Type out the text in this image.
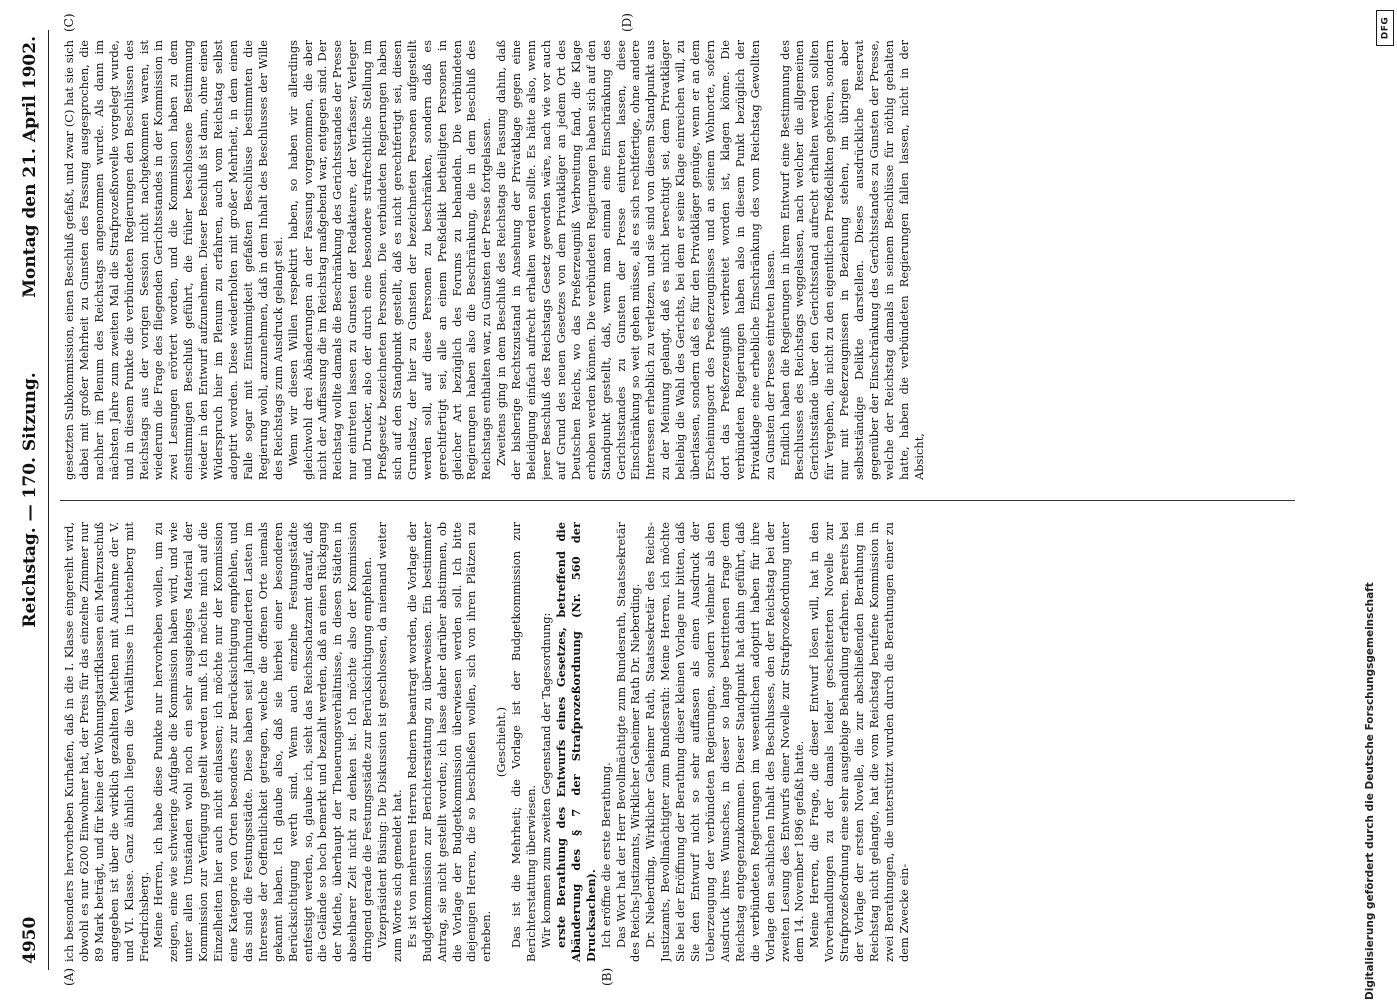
4950
Reichstag. — 170. Sitzung.
Montag den 21. April 1902.
(A)	(B)
(C)	(D)

ich besonders hervorheben Kurhafen, daß in die I. Klasse eingereiht wird, obwohl es nur 6200 Einwohner hat, der Preis für das einzelne Zimmer nur 89 Mark beträgt, und für keine der Wohnungstarifklassen ein Mehrzuschuß angegeben ist über die wirklich gezahlten Miethen mit Ausnahme der V. und VI. Klasse. Ganz ähnlich liegen die Verhältnisse in Lichtenberg mit Friedrichsberg. Meine Herren, ich habe diese Punkte nur hervorheben wollen, um zu zeigen, eine wie schwierige Aufgabe die Kommission haben wird, und wie unter allen Umständen wohl noch ein sehr ausgiebiges Material der Kommission zur Verfügung gestellt werden muß. Ich möchte mich auf die Einzelheiten hier auch nicht einlassen; ich möchte nur der Kommission eine Kategorie von Orten besonders zur Berücksichtigung empfehlen, und das sind die Festungsstädte. Diese haben seit Jahrhunderten Lasten im Interesse der Oeffentlichkeit getragen, welche die offenen Orte niemals gekannt haben. Ich glaube also, daß sie hierbei einer besonderen Berücksichtigung werth sind. Wenn auch einzelne Festungsstädte entfestigt werden, so, glaube ich, sieht das Reichsschatzamt darauf, daß die Gelände so hoch bemerkt und bezahlt werden, daß an einen Rückgang der Miethe, überhaupt der Theuerungsverhältnisse, in diesen Städten in absehbarer Zeit nicht zu denken ist. Ich möchte also der Kommission dringend gerade die Festungsstädte zur Berücksichtigung empfehlen. Vizepräsident Büsing: Die Diskussion ist geschlossen, da niemand weiter zum Worte sich gemeldet hat. Es ist von mehreren Herren Rednern beantragt worden, die Vorlage der Budgetkommission zur Berichterstattung zu überweisen. Ein bestimmter Antrag, sie nicht gestellt worden; ich lasse daher darüber abstimmen, ob die Vorlage der Budgetkommission überwiesen werden soll. Ich bitte diejenigen Herren, die so beschließen wollen, sich von ihren Plätzen zu erheben.

(Geschieht.) Das ist die Mehrheit; die Vorlage ist der Budgetkommission zur Berichterstattung überwiesen. Wir kommen zum zweiten Gegenstand der Tagesordnung: erste Berathung des Entwurfs eines Gesetzes, betreffend die Abänderung des § 7 der Strafprozeßordnung (Nr. 560 der Drucksachen). Ich eröffne die erste Berathung. Das Wort hat der Herr Bevollmächtigte zum Bundesrath, Staatssekretär des Reichs-Justizamts, Wirklicher Geheimer Rath Dr. Nieberding. Dr. Nieberding, Wirklicher Geheimer Rath, Staatssekretär des Reichs-Justizamts, Bevollmächtigter zum Bundesrath: Meine Herren, ich möchte Sie bei der Eröffnung der Berathung dieser kleinen Vorlage nur bitten, daß Sie den Entwurf nicht so sehr auffassen als einen Ausdruck der Ueberzeugung der verbündeten Regierungen, sondern vielmehr als den Ausdruck ihres Wunsches, in dieser so lange bestrittenen Frage dem Reichstag entgegenzukommen. Dieser Standpunkt hat dahin geführt, daß die verbündeten Regierungen im wesentlichen adoptirt haben für ihre Vorlage den sachlichen Inhalt des Beschlusses, den der Reichstag bei der zweiten Lesung des Entwurfs einer Novelle zur Strafprozeßordnung unter dem 14. November 1896 gefaßt hatte. Meine Herren, die Frage, die dieser Entwurf lösen will, hat in den Vorverhandlungen zu der damals leider gescheiterten Novelle zur Strafprozeßordnung eine sehr ausgiebige Behandlung erfahren. Bereits bei der Vorlage der ersten Novelle, die zur abschließenden Berathung im Reichstag nicht gelangte, hat die vom Reichstag berufene Kommission in zwei Berathungen, die unterstützt wurden durch die Berathungen einer zu dem Zwecke ein-

gesetzten Subkommission, einen Beschluß gefaßt, und zwar (C) hat sie sich dabei mit großer Mehrheit zu Gunsten des Fassung ausgesprochen, die nachher im Plenum des Reichstags angenommen wurde. Als dann im nächsten Jahre zum zweiten Mal die Strafprozeßnovelle vorgelegt wurde, und in diesem Punkte die verbündeten Regierungen den Beschlüssen des Reichstags aus der vorigen Session nicht nachgekommen waren, ist wiederum die Frage des fliegenden Gerichtsstandes in der Kommission in zwei Lesungen erörtert worden, und die Kommission haben zu dem einstimmigen Beschluß geführt, die früher beschlossene Bestimmung wieder in den Entwurf aufzunehmen. Dieser Beschluß ist dann, ohne einen Widerspruch hier im Plenum zu erfahren, auch vom Reichstag selbst adoptirt worden. Diese wiederholten mit großer Mehrheit, in dem einen Falle sogar mit Einstimmigkeit gefaßten Beschlüsse bestimmten die Regierung wohl, anzunehmen, daß in dem Inhalt des Beschlusses der Wille des Reichstags zum Ausdruck gelangt sei. Wenn wir diesen Willen respektirt haben, so haben wir allerdings gleichwohl drei Abänderungen an der Fassung vorgenommen, die aber nicht der Auffassung die im Reichstag maßgebend war, entgegen sind. Der Reichstag wollte damals die Beschränkung des Gerichtsstandes der Presse nur eintreten lassen zu Gunsten der Redakteure, der Verfasser, Verleger und Drucker, also der durch eine besondere strafrechtliche Stellung im Preßgesetz bezeichneten Personen. Die verbündeten Regierungen haben sich auf den Standpunkt gestellt, daß es nicht gerechtfertigt sei, diesen Grundsatz, der hier zu Gunsten der bezeichneten Personen aufgestellt werden soll, auf diese Personen zu beschränken, sondern daß es gerechtfertigt sei, alle an einem Preßdelikt betheiligten Personen in gleicher Art bezüglich des Forums zu behandeln. Die verbündeten Regierungen haben also die Beschränkung, die in dem Beschluß des Reichstags enthalten war, zu Gunsten der Presse fortgelassen. Zweitens ging in dem Beschluß des Reichstags die Fassung dahin, daß der bisherige Rechtszustand in Ansehung der Privatklage gegen eine Beleidigung einfach aufrecht erhalten werden sollte. Es hätte also, wenn jener Beschluß des Reichstags Gesetz geworden wäre, nach wie vor auch auf Grund des neuen Gesetzes von dem Privatkläger an jedem Ort des Deutschen Reichs, wo das Preßerzeugniß Verbreitung fand, die Klage erhoben werden können. Die verbündeten Regierungen haben sich auf den Standpunkt gestellt, daß, wenn man einmal eine Einschränkung des Gerichtsstandes zu Gunsten der Presse eintreten lassen, diese Einschränkung so weit gehen müsse, als es sich rechtfertige, ohne andere Interessen erheblich zu verletzen, und sie sind von diesem Standpunkt aus zu der Meinung gelangt, daß es nicht berechtigt sei, dem Privatkläger beliebig die Wahl des Gerichts, bei dem er seine Klage einreichen will, zu überlassen, sondern daß es für den Privatkläger genüge, wenn er an dem Erscheinungsort des Preßerzeugnisses und an seinem Wohnorte, sofern dort das Preßerzeugniß verbreitet worden ist, klagen könne. Die verbündeten Regierungen haben also in diesem Punkt bezüglich der Privatklage eine erhebliche Einschränkung des vom Reichstag Gewollten zu Gunsten der Presse eintreten lassen. Endlich haben die Regierungen in ihrem Entwurf eine Bestimmung des Beschlusses des Reichstags weggelassen, nach welcher die allgemeinen Gerichtsstände über den Gerichtsstand aufrecht erhalten werden sollten für Vergehen, die nicht zu den eigentlichen Preßdelikten gehören, sondern nur mit Preßerzeugnissen in Beziehung stehen, im übrigen aber selbstständige Delikte darstellen. Dieses ausdrückliche Reservat gegenüber der Einschränkung des Gerichtsstandes zu Gunsten der Presse, welche der Reichstag damals in seinem Beschlüsse für nöthig gehalten hatte, haben die verbündeten Regierungen fallen lassen, nicht in der Absicht,

DFG
Digitalisierung gefördert durch die Deutsche Forschungsgemeinschaft
